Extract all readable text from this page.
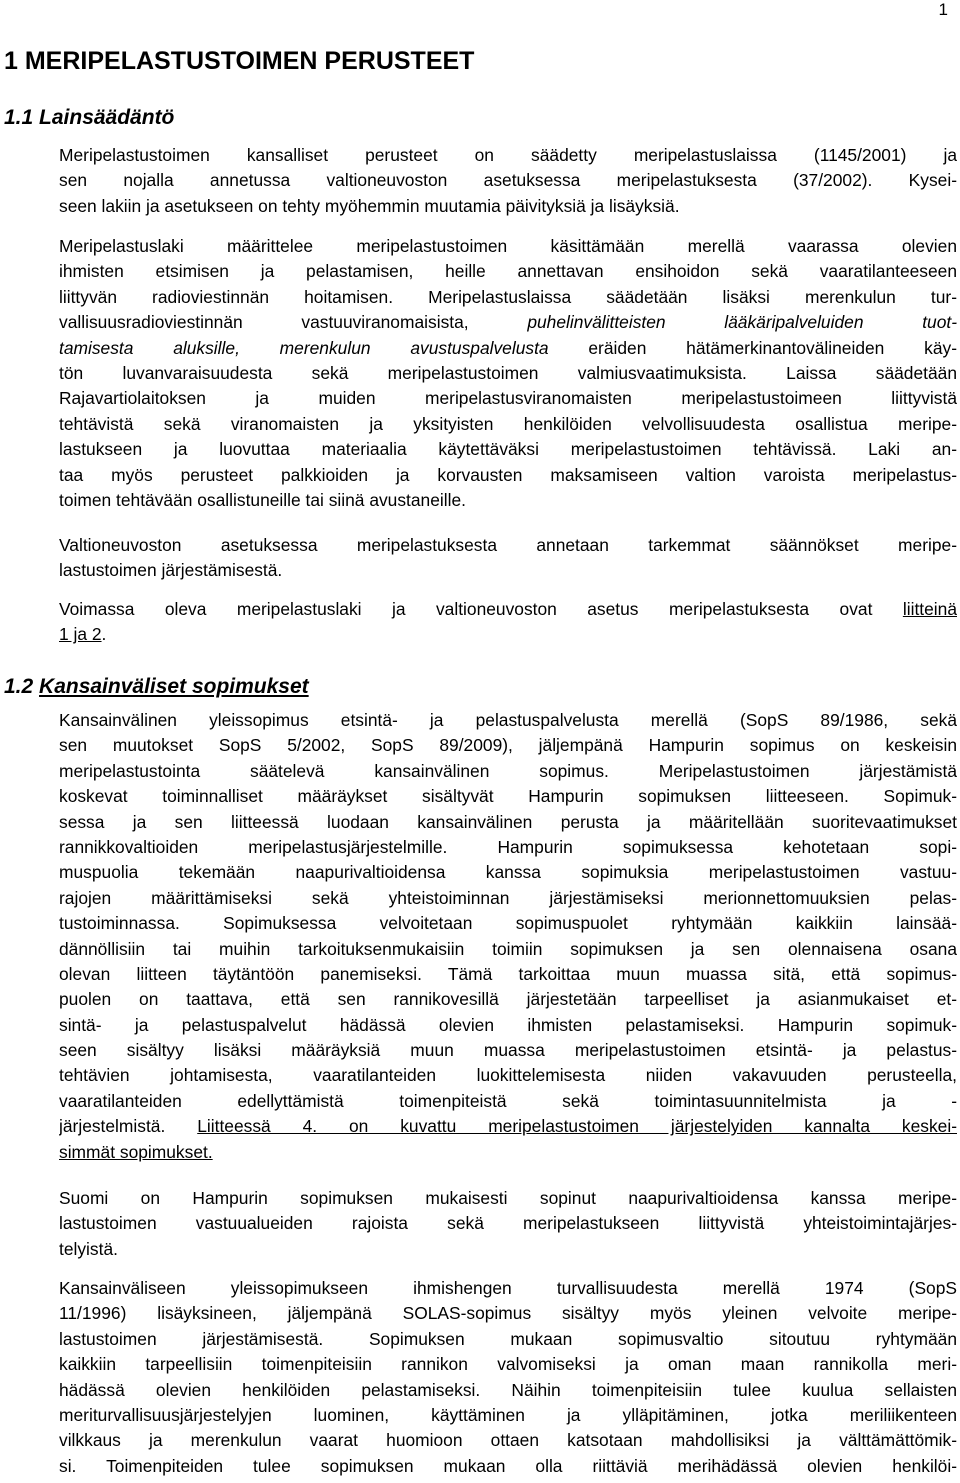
1
1 MERIPELASTUSTOIMEN PERUSTEET
1.1 Lainsäädäntö
Meripelastustoimen kansalliset perusteet on säädetty meripelastuslaissa (1145/2001) ja
sen nojalla annetussa valtioneuvoston asetuksessa meripelastuksesta (37/2002). Kysei-
seen lakiin ja asetukseen on tehty myöhemmin muutamia päivityksiä ja lisäyksiä.
Meripelastuslaki määrittelee meripelastustoimen käsittämään merellä vaarassa olevien
ihmisten etsimisen ja pelastamisen, heille annettavan ensihoidon sekä vaaratilanteeseen
liittyvän radioviestinnän hoitamisen. Meripelastuslaissa säädetään lisäksi merenkulun tur-
vallisuusradioviestinnän vastuuviranomaisista, puhelinvälitteisten lääkäripalveluiden tuot-
tamisesta aluksille, merenkulun avustuspalvelusta eräiden hätämerkinantovälineiden käy-
tön luvanvaraisuudesta sekä meripelastustoimen valmiusvaatimuksista. Laissa säädetään
Rajavartiolaitoksen ja muiden meripelastusviranomaisten meripelastustoimeen liittyvistä
tehtävistä sekä viranomaisten ja yksityisten henkilöiden velvollisuudesta osallistua meripe-
lastukseen ja luovuttaa materiaalia käytettäväksi meripelastustoimen tehtävissä. Laki an-
taa myös perusteet palkkioiden ja korvausten maksamiseen valtion varoista meripelastus-
toimen tehtävään osallistuneille tai siinä avustaneille.
Valtioneuvoston asetuksessa meripelastuksesta annetaan tarkemmat säännökset meripe-
lastustoimen järjestämisestä.
Voimassa oleva meripelastuslaki ja valtioneuvoston asetus meripelastuksesta ovat liitteinä
1 ja 2.
1.2 Kansainväliset sopimukset
Kansainvälinen yleissopimus etsintä- ja pelastuspalvelusta merellä (SopS 89/1986, sekä
sen muutokset SopS 5/2002, SopS 89/2009), jäljempänä Hampurin sopimus on keskeisin
meripelastustointa säätelevä kansainvälinen sopimus. Meripelastustoimen järjestämistä
koskevat toiminnalliset määräykset sisältyvät Hampurin sopimuksen liitteeseen. Sopimuk-
sessa ja sen liitteessä luodaan kansainvälinen perusta ja määritellään suoritevaatimukset
rannikkovaltioiden meripelastusjärjestelmille. Hampurin sopimuksessa kehotetaan sopi-
muspuolia tekemään naapurivaltioidensa kanssa sopimuksia meripelastustoimen vastuu-
rajojen määrittämiseksi sekä yhteistoiminnan järjestämiseksi merionnettomuuksien pelas-
tustoiminnassa. Sopimuksessa velvoitetaan sopimuspuolet ryhtymään kaikkiin lainsää-
dännöllisiin tai muihin tarkoituksenmukaisiin toimiin sopimuksen ja sen olennaisena osana
olevan liitteen täytäntöön panemiseksi. Tämä tarkoittaa muun muassa sitä, että sopimus-
puolen on taattava, että sen rannikovesillä järjestetään tarpeelliset ja asianmukaiset et-
sintä- ja pelastuspalvelut hädässä olevien ihmisten pelastamiseksi. Hampurin sopimuk-
seen sisältyy lisäksi määräyksiä muun muassa meripelastustoimen etsintä- ja pelastus-
tehtävien johtamisesta, vaaratilanteiden luokittelemisesta niiden vakavuuden perusteella,
vaaratilanteiden edellyttämistä toimenpiteistä sekä toimintasuunnitelmista ja -
järjestelmistä. Liitteessä 4. on kuvattu meripelastustoimen järjestelyiden kannalta keskei-
simmät sopimukset.
Suomi on Hampurin sopimuksen mukaisesti sopinut naapurivaltioidensa kanssa meripe-
lastustoimen vastuualueiden rajoista sekä meripelastukseen liittyvistä yhteistoimintajärjes-
telyistä.
Kansainväliseen yleissopimukseen ihmishengen turvallisuudesta merellä 1974 (SopS
11/1996) lisäyksineen, jäljempänä SOLAS-sopimus sisältyy myös yleinen velvoite meripe-
lastustoimen järjestämisestä. Sopimuksen mukaan sopimusvaltio sitoutuu ryhtymään
kaikkiin tarpeellisiin toimenpiteisiin rannikon valvomiseksi ja oman maan rannikolla meri-
hädässä olevien henkilöiden pelastamiseksi. Näihin toimenpiteisiin tulee kuulua sellaisten
meriturvallisuusjärjestelyjen luominen, käyttäminen ja ylläpitäminen, jotka meriliikenteen
vilkkaus ja merenkulun vaarat huomioon ottaen katsotaan mahdollisiksi ja välttämättömik-
si. Toimenpiteiden tulee sopimuksen mukaan olla riittäviä merihädässä olevien henkilöi-
